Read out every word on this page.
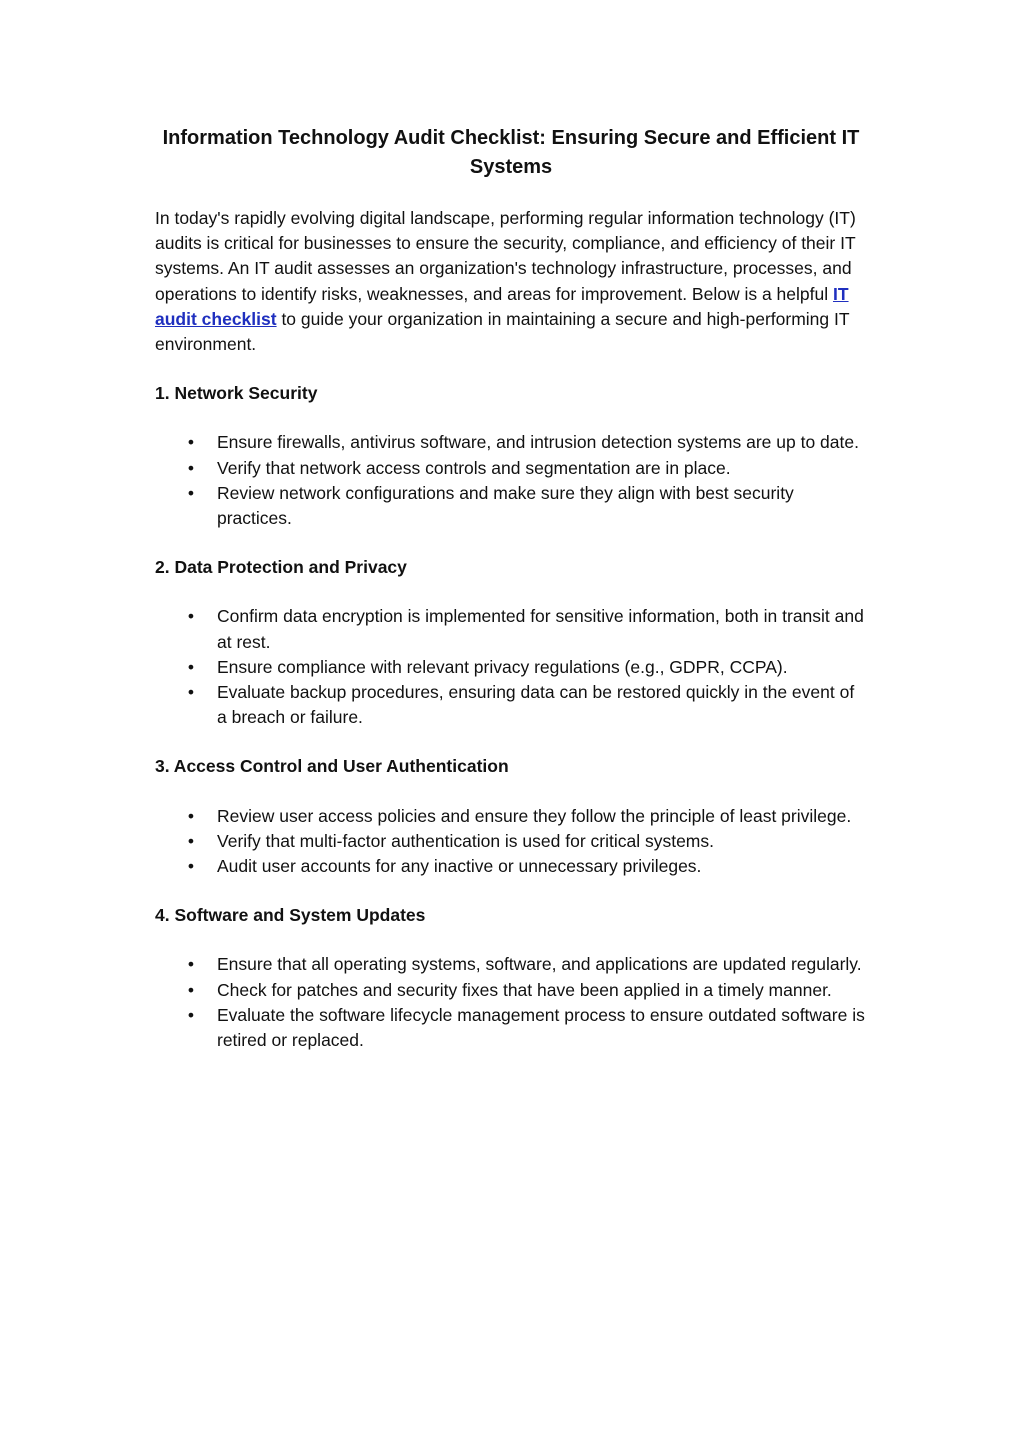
Information Technology Audit Checklist: Ensuring Secure and Efficient IT Systems

In today's rapidly evolving digital landscape, performing regular information technology (IT) audits is critical for businesses to ensure the security, compliance, and efficiency of their IT systems. An IT audit assesses an organization's technology infrastructure, processes, and operations to identify risks, weaknesses, and areas for improvement. Below is a helpful IT audit checklist to guide your organization in maintaining a secure and high-performing IT environment.

1. Network Security
• Ensure firewalls, antivirus software, and intrusion detection systems are up to date.
• Verify that network access controls and segmentation are in place.
• Review network configurations and make sure they align with best security practices.
2. Data Protection and Privacy
• Confirm data encryption is implemented for sensitive information, both in transit and at rest.
• Ensure compliance with relevant privacy regulations (e.g., GDPR, CCPA).
• Evaluate backup procedures, ensuring data can be restored quickly in the event of a breach or failure.
3. Access Control and User Authentication
• Review user access policies and ensure they follow the principle of least privilege.
• Verify that multi-factor authentication is used for critical systems.
• Audit user accounts for any inactive or unnecessary privileges.
4. Software and System Updates
• Ensure that all operating systems, software, and applications are updated regularly.
• Check for patches and security fixes that have been applied in a timely manner.
• Evaluate the software lifecycle management process to ensure outdated software is retired or replaced.
